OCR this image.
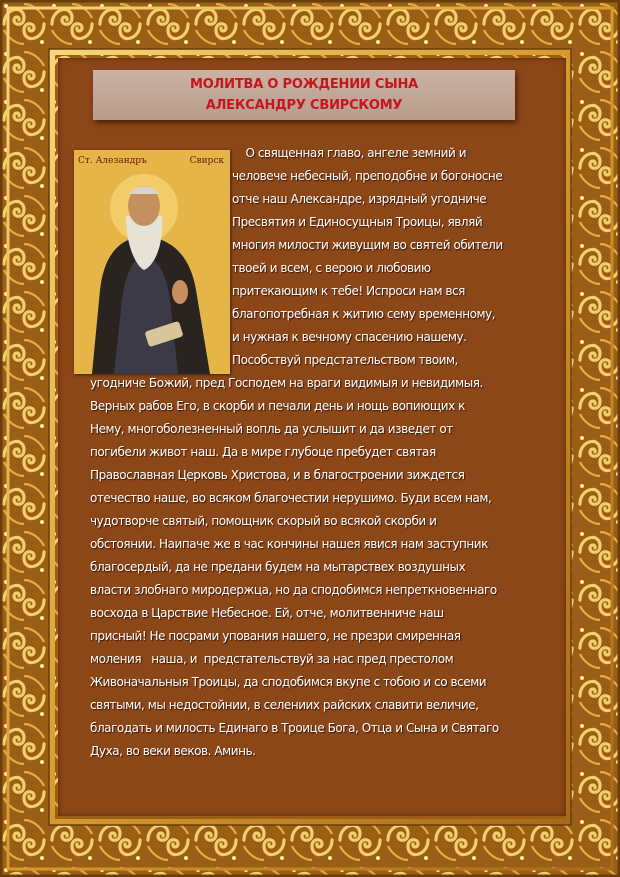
МОЛИТВА О РОЖДЕНИИ СЫНА
АЛЕКСАНДРУ СВИРСКОМУ
Ст. Алезандръ	Свирск
О священная главо, ангеле земний и
человече небесный, преподобне и богоносне
отче наш Александре, изрядный угодниче
Пресвятия и Единосущныя Троицы, являй
многия милости живущим во святей обители
твоей и всем, с верою и любовию
притекающим к тебе! Испроси нам вся
благопотребная к житию сему временному,
и нужная к вечному спасению нашему.
Пособствуй предстательством твоим,
угодниче Божий, пред Господем на враги видимыя и невидимыя.
Верных рабов Его, в скорби и печали день и нощь вопиющих к
Нему, многоболезненный вопль да услышит и да изведет от
погибели живот наш. Да в мире глубоце пребудет святая
Православная Церковь Христова, и в благостроении зиждется
отечество наше, во всяком благочестии нерушимо. Буди всем нам,
чудотворче святый, помощник скорый во всякой скорби и
обстоянии. Наипаче же в час кончины нашея явися нам заступник
благосердый, да не предани будем на мытарствех воздушных
власти злобнаго миродержца, но да сподобимся непреткновеннаго
восхода в Царствие Небесное. Ей, отче, молитвенниче наш
присный! Не посрами упования нашего, не презри смиренная
моления   наша, и  предстательствуй за нас пред престолом
Живоначальныя Троицы, да сподобимся вкупе с тобою и со всеми
святыми, мы недостойнии, в селениих райских славити величие,
благодать и милость Единаго в Троице Бога, Отца и Сына и Святаго
Духа, во веки веков. Аминь.
